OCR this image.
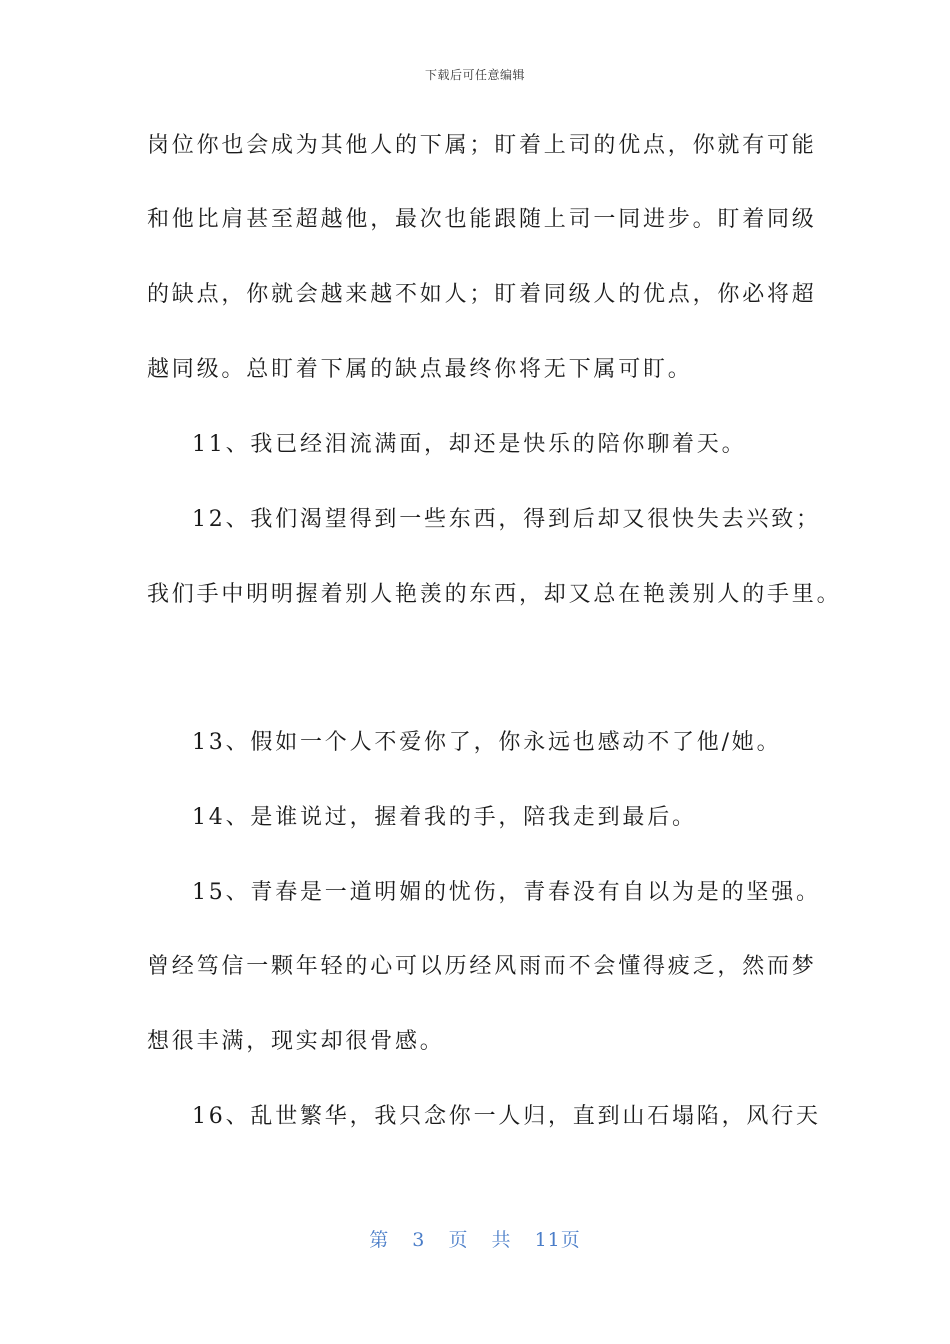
下载后可任意编辑
岗位你也会成为其他人的下属；盯着上司的优点，你就有可能
和他比肩甚至超越他，最次也能跟随上司一同进步。盯着同级
的缺点，你就会越来越不如人；盯着同级人的优点，你必将超
越同级。总盯着下属的缺点最终你将无下属可盯。
11、我已经泪流满面，却还是快乐的陪你聊着天。
12、我们渴望得到一些东西，得到后却又很快失去兴致；
我们手中明明握着别人艳羡的东西，却又总在艳羡别人的手里。
13、假如一个人不爱你了，你永远也感动不了他/她。
14、是谁说过，握着我的手，陪我走到最后。
15、青春是一道明媚的忧伤，青春没有自以为是的坚强。
曾经笃信一颗年轻的心可以历经风雨而不会懂得疲乏，然而梦
想很丰满，现实却很骨感。
16、乱世繁华，我只念你一人归，直到山石塌陷，风行天
第 3 页 共 11页
